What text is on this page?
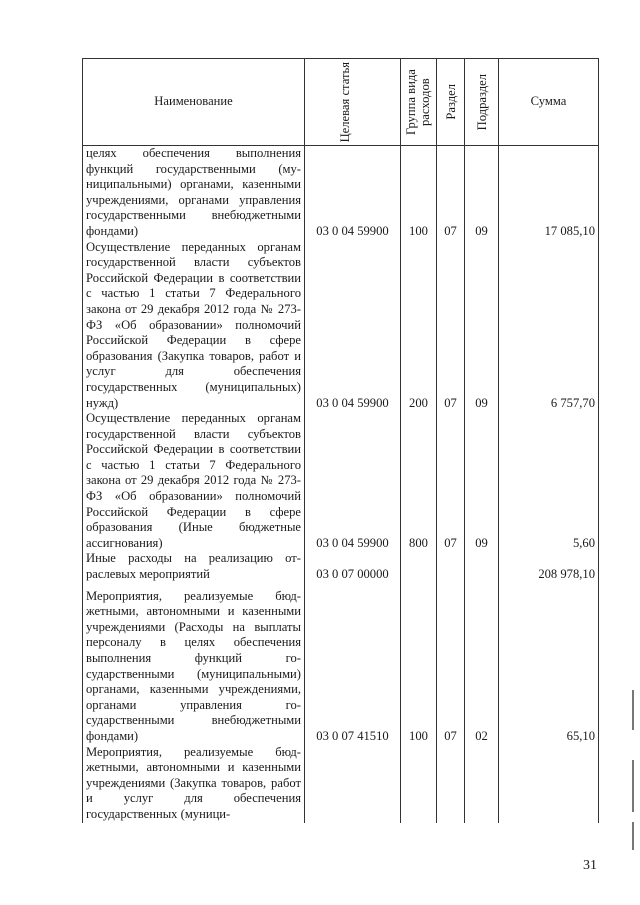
Наименование	Целевая статья	Группа вида расходов	Раздел	Подраздел	Сумма
целях обеспечения выполнения функций государственными (муниципальными) органами, казенными учреждениями, органами управления государственными внебюджетными фондами)	03 0 04 59900	100	07	09	17 085,10
Осуществление переданных органам государственной власти субъектов Российской Федерации в соответствии с частью 1 статьи 7 Федерального закона от 29 декабря 2012 года № 273-ФЗ «Об образовании» полномочий Российской Федерации в сфере образования (Закупка товаров, работ и услуг для обеспечения государственных (муниципальных) нужд)	03 0 04 59900	200	07	09	6 757,70
Осуществление переданных органам государственной власти субъектов Российской Федерации в соответствии с частью 1 статьи 7 Федерального закона от 29 декабря 2012 года № 273-ФЗ «Об образовании» полномочий Российской Федерации в сфере образования (Иные бюджетные ассигнования)	03 0 04 59900	800	07	09	5,60
Иные расходы на реализацию отраслевых мероприятий	03 0 07 00000				208 978,10

Мероприятия, реализуемые бюджетными, автономными и казенными учреждениями (Расходы на выплаты персоналу в целях обеспечения выполнения функций государственными (муниципальными) органами, казенными учреждениями, органами управления государственными внебюджетными фондами)	03 0 07 41510	100	07	02	65,10
Мероприятия, реализуемые бюджетными, автономными и казенными учреждениями (Закупка товаров, работ и услуг для обеспечения государственных (муници-					
31
